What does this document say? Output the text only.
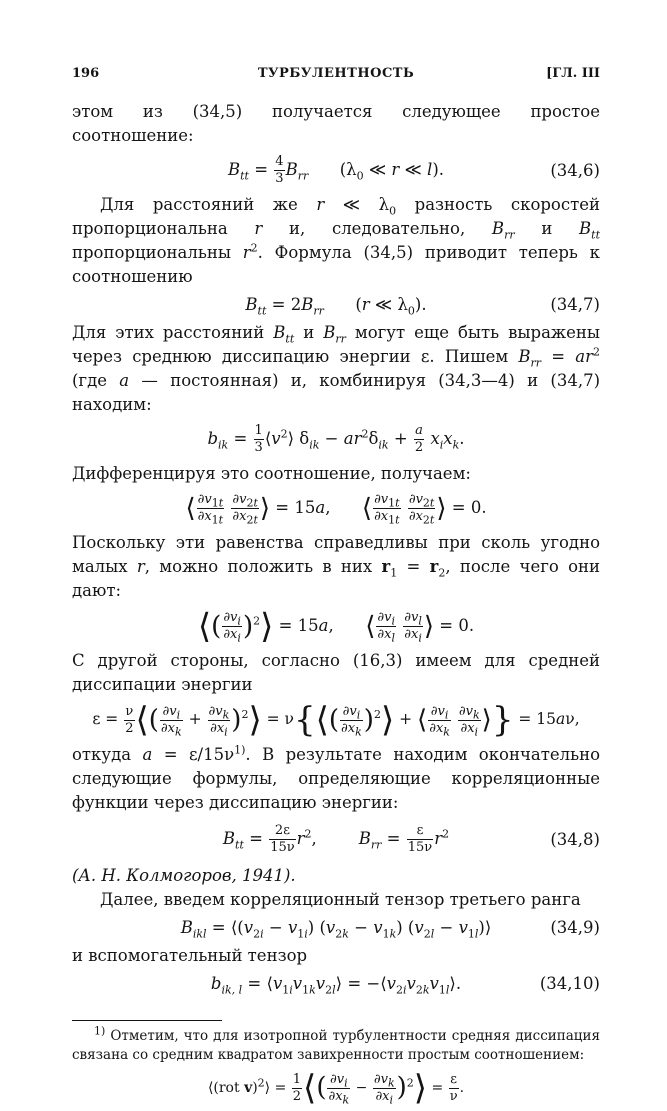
196	ТУРБУЛЕНТНОСТЬ	[ГЛ. III

этом из (34,5) получается следующее простое соотношение:

$B_{tt} = \frac{4}{3} B_{rr}$      ($\lambda_0$ ≪ r ≪ l).	(34,6)

Для расстояний же r ≪ $\lambda_0$ разность скоростей пропорциональна r и, следовательно, $B_{rr}$ и $B_{tt}$ пропорциональны $r^2$. Формула (34,5) приводит теперь к соотношению

$B_{tt} = 2B_{rr}$      (r ≪ $\lambda_0$).	(34,7)

Для этих расстояний $B_{tt}$ и $B_{rr}$ могут еще быть выражены через среднюю диссипацию энергии ε. Пишем $B_{rr} = ar^2$ (где a — постоянная) и, комбинируя (34,3—4) и (34,7) находим:

$b_{ik} = \frac{1}{3}$ $⟨v^2⟩$ $\delta_{ik} - ar^2\delta_{ik} + \frac{a}{2} x_ix_k$.

Дифференцируя это соотношение, получаем:

⟨ $\frac{\partial v_{1t}}{\partial x_{1t}}$
$\frac{\partial v_{2t}}{\partial x_{2t}}$ ⟩ = 15a,      ⟨ $\frac{\partial v_{1t}}{\partial x_{1t}}$
$\frac{\partial v_{2t}}{\partial x_{2t}}$ ⟩ = 0.

Поскольку эти равенства справедливы при сколь угодно малых r, можно положить в них $r_1 = r_2$, после чего они дают:

⟨( $\frac{\partial v_i}{\partial x_i}$ )$^2$⟩ = 15a,      ⟨ $\frac{\partial v_i}{\partial x_l}$
$\frac{\partial v_l}{\partial x_i}$ ⟩ = 0.

С другой стороны, согласно (16,3) имеем для средней диссипации энергии

$\varepsilon = \frac{\nu}{2}$ ⟨( $\frac{\partial v_i}{\partial x_k} + \frac{\partial v_k}{\partial x_i}$ )$^2$⟩ = ν{⟨( $\frac{\partial v_i}{\partial x_k}$ )$^2$⟩ + ⟨ $\frac{\partial v_i}{\partial x_k}$
$\frac{\partial v_k}{\partial x_i}$ ⟩} = 15aν,

откуда $a = \varepsilon/15\nu^{1)}$. В результате находим окончательно следующие формулы, определяющие корреляционные функции через диссипацию энергии:

$B_{tt} = \frac{2\varepsilon}{15\nu} r^2$,        $B_{rr} = \frac{\varepsilon}{15\nu} r^2$	(34,8)

(А. Н. Колмогоров, 1941).

Далее, введем корреляционный тензор третьего ранга

$B_{ikl}$ = $⟨(v_{2i} - v_{1i}) (v_{2k} - v_{1k}) (v_{2l}$ − $v_{1l})⟩$	(34,9)

и вспомогательный тензор

$b_{ik, l}$ = $⟨v_{1i}v_{1k}v_{2l}⟩$ = $-⟨v_{2i}v_{2k}v_{1l}⟩$.	(34,10)

$^{1)}$ Отметим, что для изотропной турбулентности средняя диссипация связана со средним квадратом завихренности простым соотношением:

⟨(rot v)$^2$⟩ = $\frac{1}{2}$ ⟨( $\frac{\partial v_i}{\partial x_k} - \frac{\partial v_k}{\partial x_i}$ )$^2$⟩ = $\frac{\varepsilon}{\nu}$ .
